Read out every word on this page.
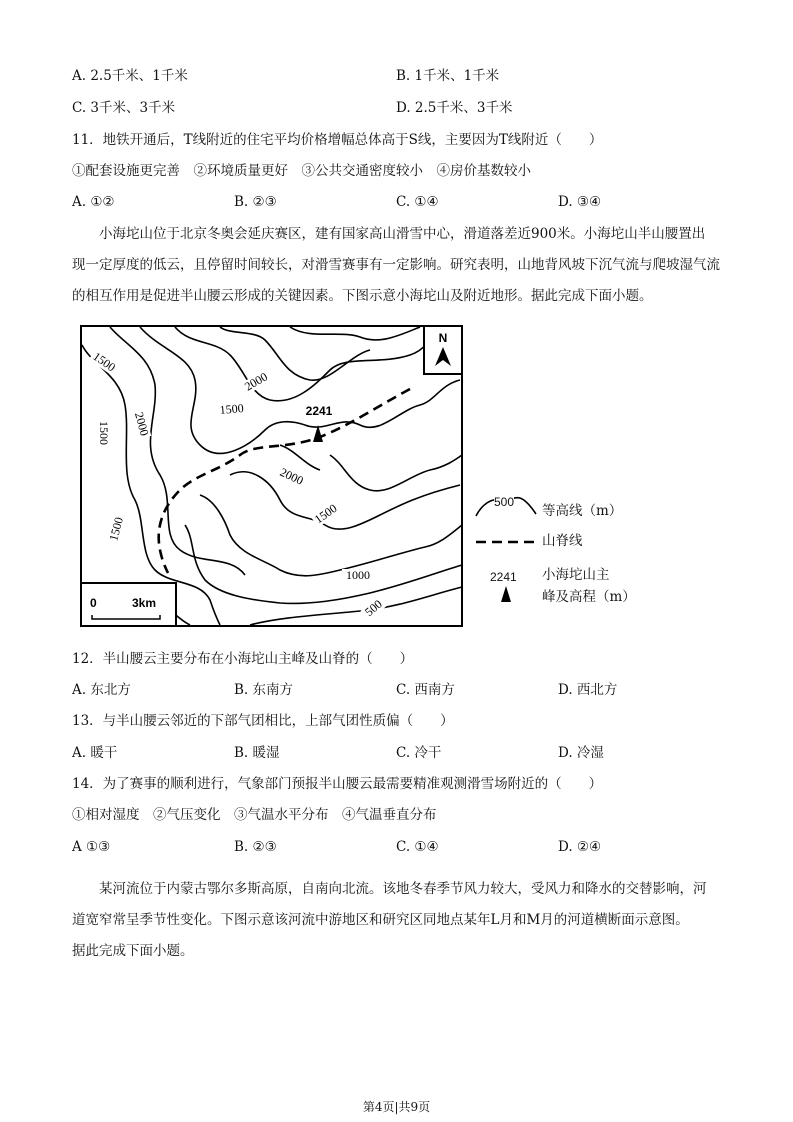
A. 2.5千米、1千米	B. 1千米、1千米
C. 3千米、3千米	D. 2.5千米、3千米
11．地铁开通后，T线附近的住宅平均价格增幅总体高于S线，主要因为T线附近（　　）
①配套设施更完善　②环境质量更好　③公共交通密度较小　④房价基数较小
A. ①②	B. ②③	C. ①④	D. ③④
小海坨山位于北京冬奥会延庆赛区，建有国家高山滑雪中心，滑道落差近900米。小海坨山半山腰置出
现一定厚度的低云，且停留时间较长，对滑雪赛事有一定影响。研究表明，山地背风坡下沉气流与爬坡湿气流
的相互作用是促进半山腰云形成的关键因素。下图示意小海坨山及附近地形。据此完成下面小题。
N
2241
1500
2000
1500
2000
1500
2000
1500
1500
1000
500
0	3km
500
等高线（m）
山脊线
2241 小海坨山主
峰及高程（m）
12．半山腰云主要分布在小海坨山主峰及山脊的（　　）
A. 东北方	B. 东南方	C. 西南方	D. 西北方
13．与半山腰云邻近的下部气团相比，上部气团性质偏（　　）
A. 暖干	B. 暖湿	C. 冷干	D. 冷湿
14．为了赛事的顺利进行，气象部门预报半山腰云最需要精准观测滑雪场附近的（　　）
①相对湿度　②气压变化　③气温水平分布　④气温垂直分布
A ①③	B. ②③	C. ①④	D. ②④
某河流位于内蒙古鄂尔多斯高原，自南向北流。该地冬春季节风力较大，受风力和降水的交替影响，河
道宽窄常呈季节性变化。下图示意该河流中游地区和研究区同地点某年L月和M月的河道横断面示意图。
据此完成下面小题。
第4页|共9页
